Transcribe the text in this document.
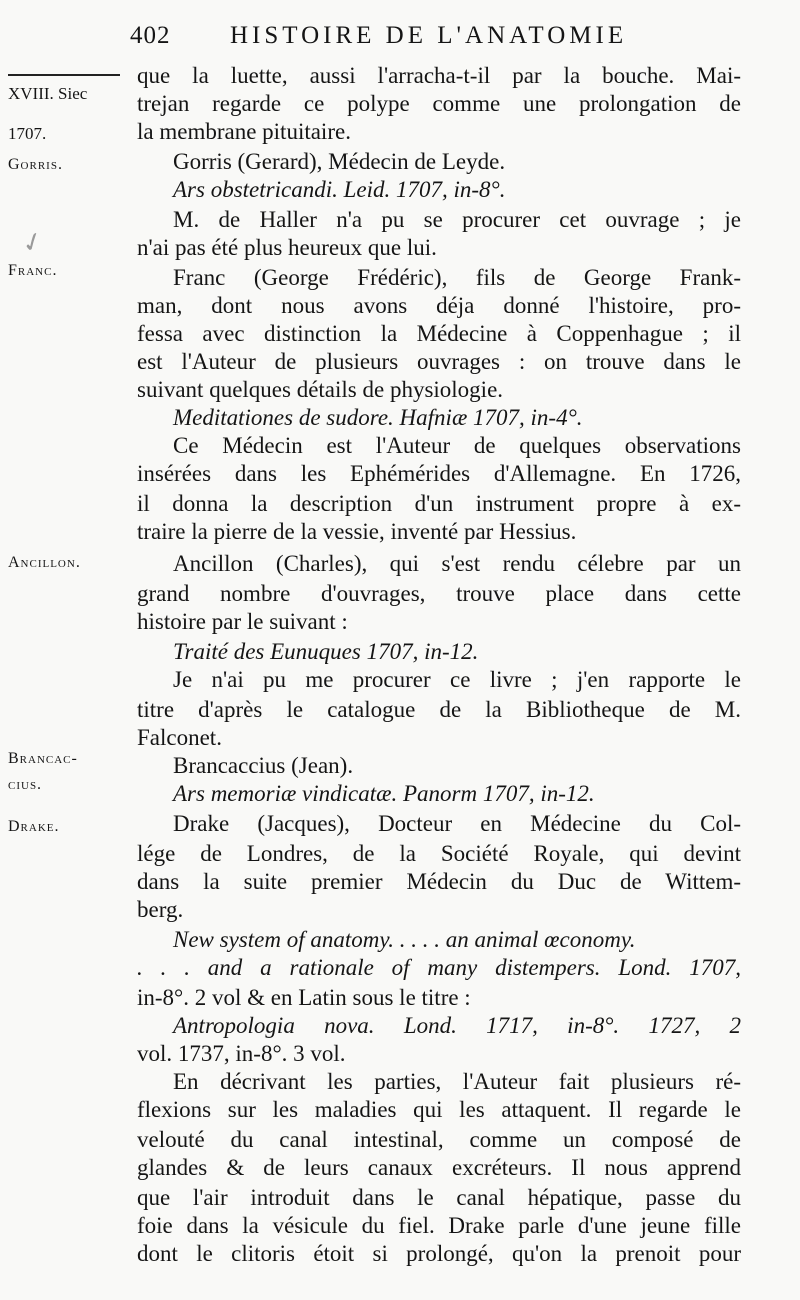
402 HISTOIRE DE L'ANATOMIE
XVIII. Siec
1707.
Gorris.
Franc.
Ancillon.
Brancac-
cius.
Drake.
que la luette, aussi l'arracha-t-il par la bouche. Mai-
trejan regarde ce polype comme une prolongation de
la membrane pituitaire.
Gorris (Gerard), Médecin de Leyde.
Ars obstetricandi. Leid. 1707, in-8°.
M. de Haller n'a pu se procurer cet ouvrage ; je
n'ai pas été plus heureux que lui.
Franc (George Frédéric), fils de George Frank-
man, dont nous avons déja donné l'histoire, pro-
fessa avec distinction la Médecine à Coppenhague ; il
est l'Auteur de plusieurs ouvrages : on trouve dans le
suivant quelques détails de physiologie.
Meditationes de sudore. Hafniæ 1707, in-4°.
Ce Médecin est l'Auteur de quelques observations
insérées dans les Ephémérides d'Allemagne. En 1726,
il donna la description d'un instrument propre à ex-
traire la pierre de la vessie, inventé par Hessius.
Ancillon (Charles), qui s'est rendu célebre par un
grand nombre d'ouvrages, trouve place dans cette
histoire par le suivant :
Traité des Eunuques 1707, in-12.
Je n'ai pu me procurer ce livre ; j'en rapporte le
titre d'après le catalogue de la Bibliotheque de M.
Falconet.
Brancaccius (Jean).
Ars memoriæ vindicatæ. Panorm 1707, in-12.
Drake (Jacques), Docteur en Médecine du Col-
lége de Londres, de la Société Royale, qui devint
dans la suite premier Médecin du Duc de Wittem-
berg.
New system of anatomy. . . . . an animal œconomy.
. . . and a rationale of many distempers. Lond. 1707,
in-8°. 2 vol & en Latin sous le titre :
Antropologia nova. Lond. 1717, in-8°. 1727, 2
vol. 1737, in-8°. 3 vol.
En décrivant les parties, l'Auteur fait plusieurs ré-
flexions sur les maladies qui les attaquent. Il regarde le
velouté du canal intestinal, comme un composé de
glandes & de leurs canaux excréteurs. Il nous apprend
que l'air introduit dans le canal hépatique, passe du
foie dans la vésicule du fiel. Drake parle d'une jeune fille
dont le clitoris étoit si prolongé, qu'on la prenoit pour
✓
